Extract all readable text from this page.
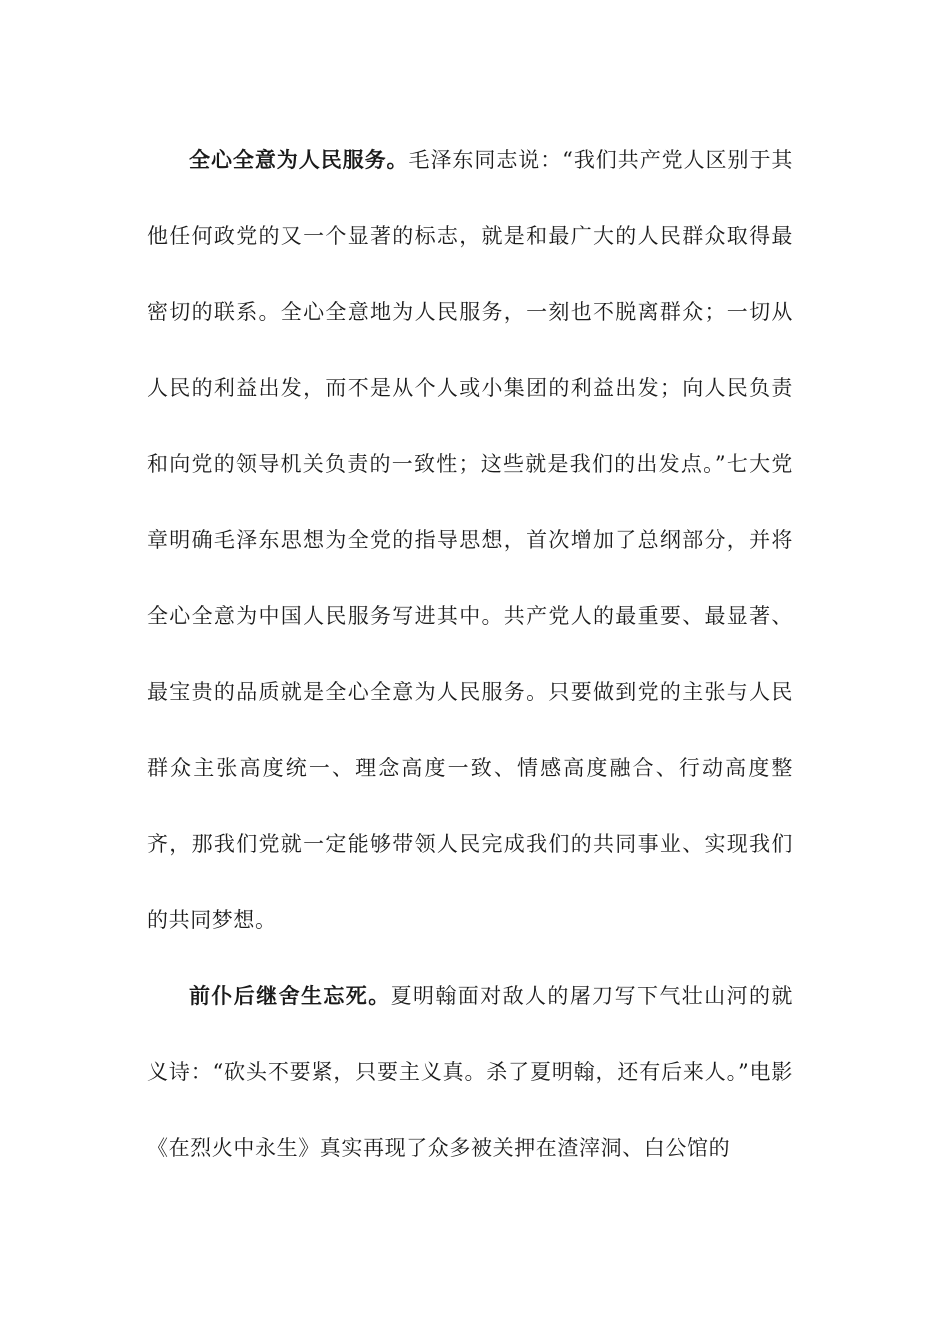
全心全意为人民服务。毛泽东同志说：“我们共产党人区别于其他任何政党的又一个显著的标志，就是和最广大的人民群众取得最密切的联系。全心全意地为人民服务，一刻也不脱离群众；一切从人民的利益出发，而不是从个人或小集团的利益出发；向人民负责和向党的领导机关负责的一致性；这些就是我们的出发点。”七大党章明确毛泽东思想为全党的指导思想，首次增加了总纲部分，并将全心全意为中国人民服务写进其中。共产党人的最重要、最显著、最宝贵的品质就是全心全意为人民服务。只要做到党的主张与人民群众主张高度统一、理念高度一致、情感高度融合、行动高度整齐，那我们党就一定能够带领人民完成我们的共同事业、实现我们的共同梦想。

前仆后继舍生忘死。夏明翰面对敌人的屠刀写下气壮山河的就义诗：“砍头不要紧，只要主义真。杀了夏明翰，还有后来人。”电影《在烈火中永生》真实再现了众多被关押在渣滓洞、白公馆的
